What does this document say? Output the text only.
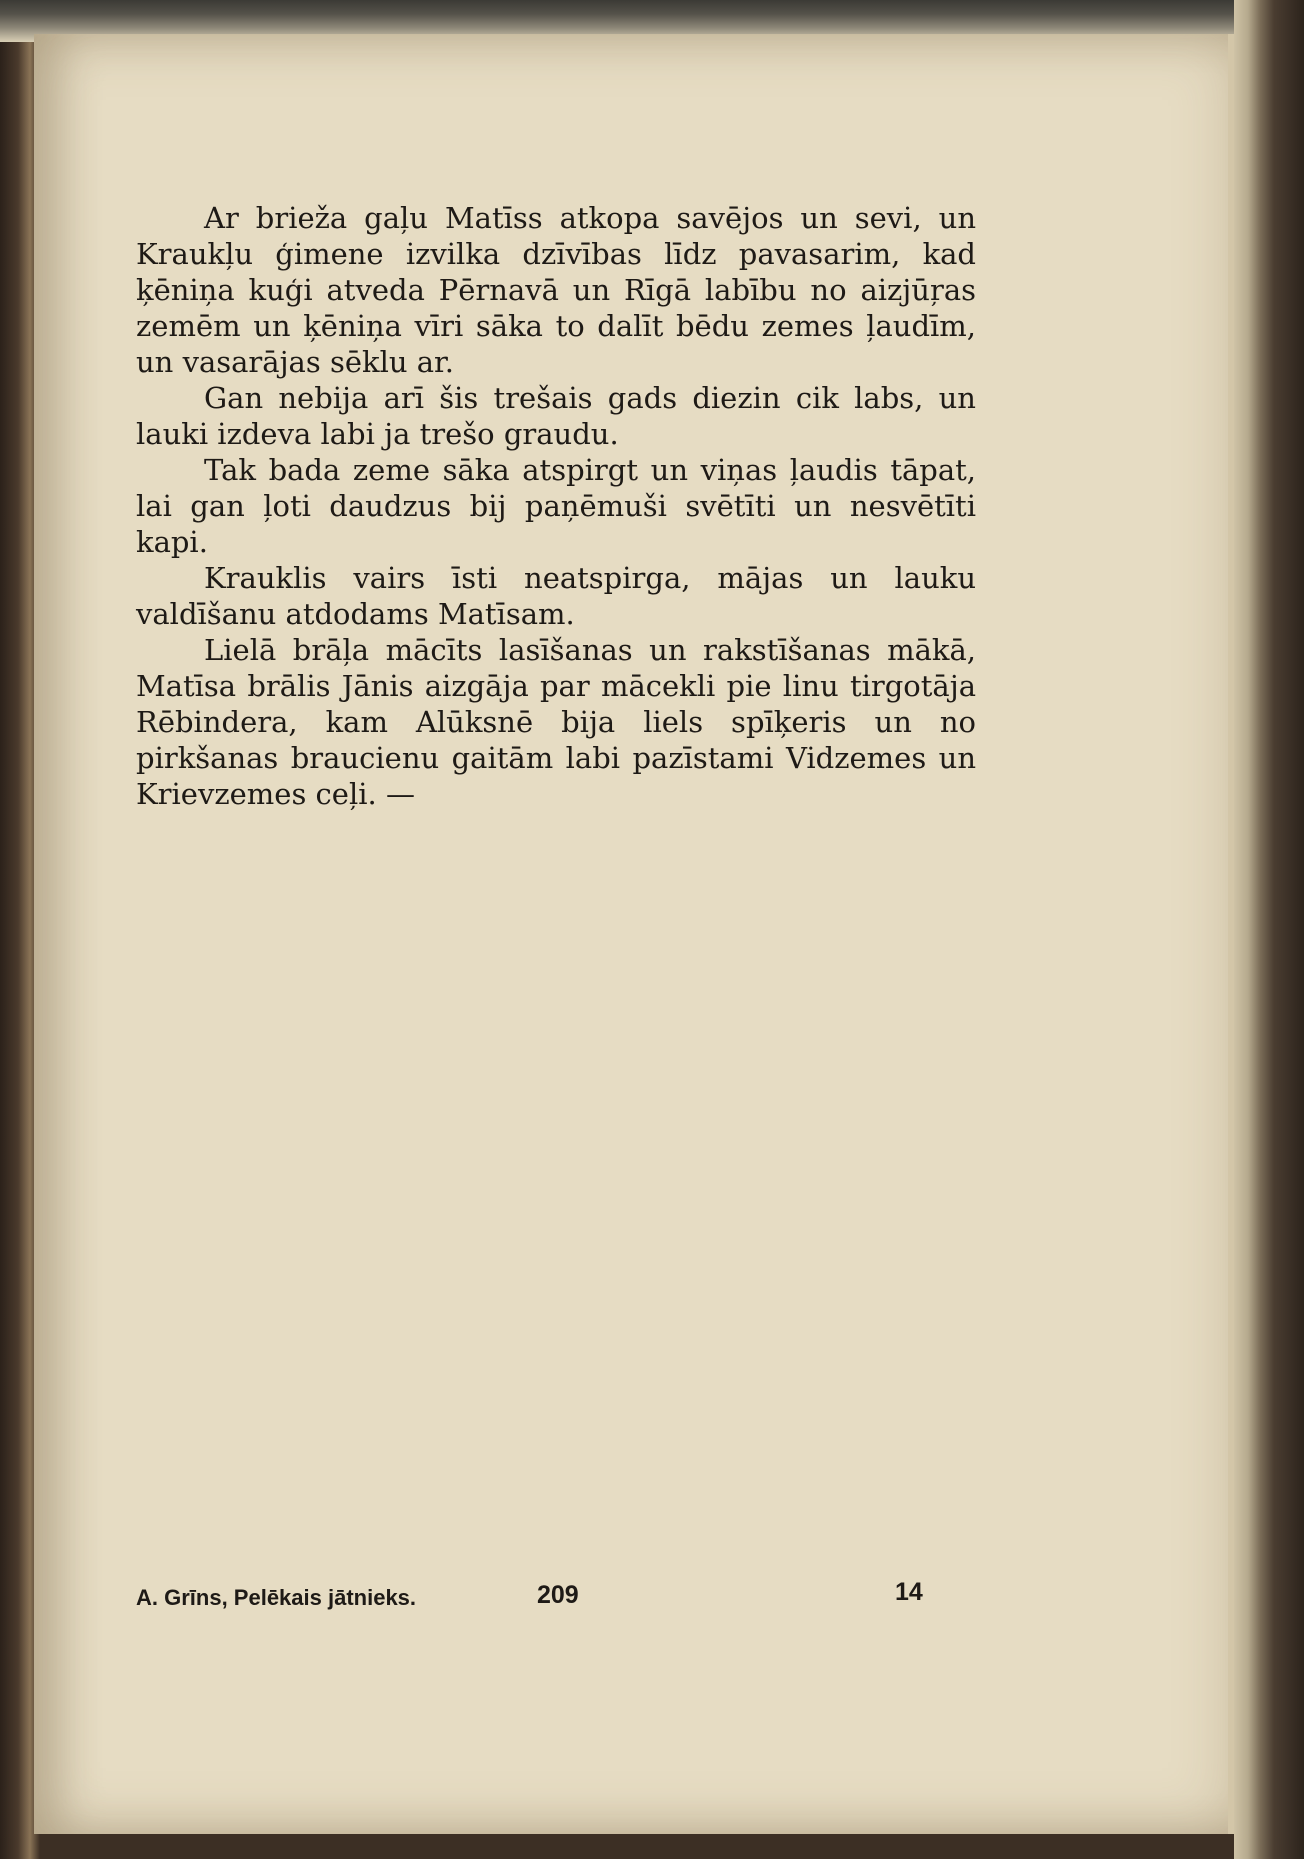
Ar brieža gaļu Matīss atkopa savējos un sevi, un Kraukļu ģimene izvilka dzīvības līdz pavasarim, kad ķēniņa kuģi atveda Pērnavā un Rīgā labību no aizjūŗas zemēm un ķēniņa vīri sāka to dalīt bēdu zemes ļaudīm, un vasarājas sēklu ar.

Gan nebija arī šis trešais gads diezin cik labs, un lauki izdeva labi ja trešo graudu.

Tak bada zeme sāka atspirgt un viņas ļaudis tāpat, lai gan ļoti daudzus bij paņēmuši svētīti un nesvētīti kapi.

Krauklis vairs īsti neatspirga, mājas un lauku valdīšanu atdodams Matīsam.

Lielā brāļa mācīts lasīšanas un rakstīšanas mākā, Matīsa brālis Jānis aizgāja par mācekli pie linu tirgotāja Rēbindera, kam Alūksnē bija liels spīķeris un no pirkšanas braucienu gaitām labi pazīstami Vidzemes un Krievzemes ceļi. —

A. Grīns, Pelēkais jātnieks.	209	14
